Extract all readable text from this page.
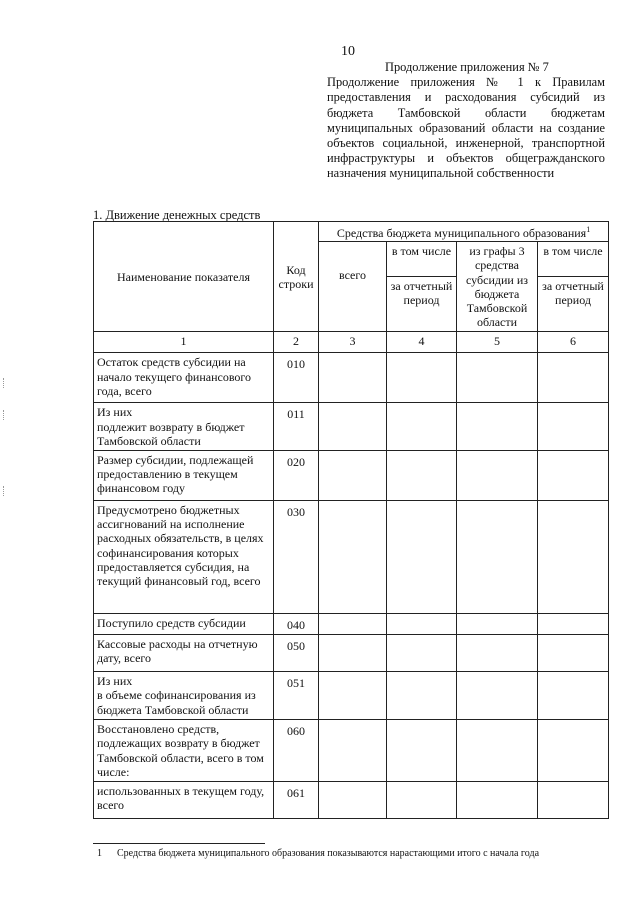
10
Продолжение приложения № 7
Продолжение приложения № 1 к Правилам предоставления и расходования субсидий из бюджета Тамбовской области бюджетам муниципальных образований области на создание объектов социальной, инженерной, транспортной инфраструктуры и объектов общегражданского назначения муниципальной собственности
1. Движение денежных средств
Наименование показателя	Код строки	Средства бюджета муниципального образования$^1$
		всего	в том числе	из графы 3 средства субсидии из бюджета Тамбовской области	в том числе
			за отчетный период		за отчетный период
1	2	3	4	5	6
Остаток средств субсидии на начало текущего финансового года, всего	010				
Из них
подлежит возврату в бюджет Тамбовской области	011				
Размер субсидии, подлежащей предоставлению в текущем финансовом году	020				
Предусмотрено бюджетных ассигнований на исполнение расходных обязательств, в целях софинансирования которых предоставляется субсидия, на текущий финансовый год, всего	030				
Поступило средств субсидии	040				
Кассовые расходы на отчетную дату, всего	050				
Из них
в объеме софинансирования из бюджета Тамбовской области	051				
Восстановлено средств, подлежащих возврату в бюджет Тамбовской области, всего в том числе:	060				
использованных в текущем году, всего	061				
1 Средства бюджета муниципального образования показываются нарастающими итого с начала года
